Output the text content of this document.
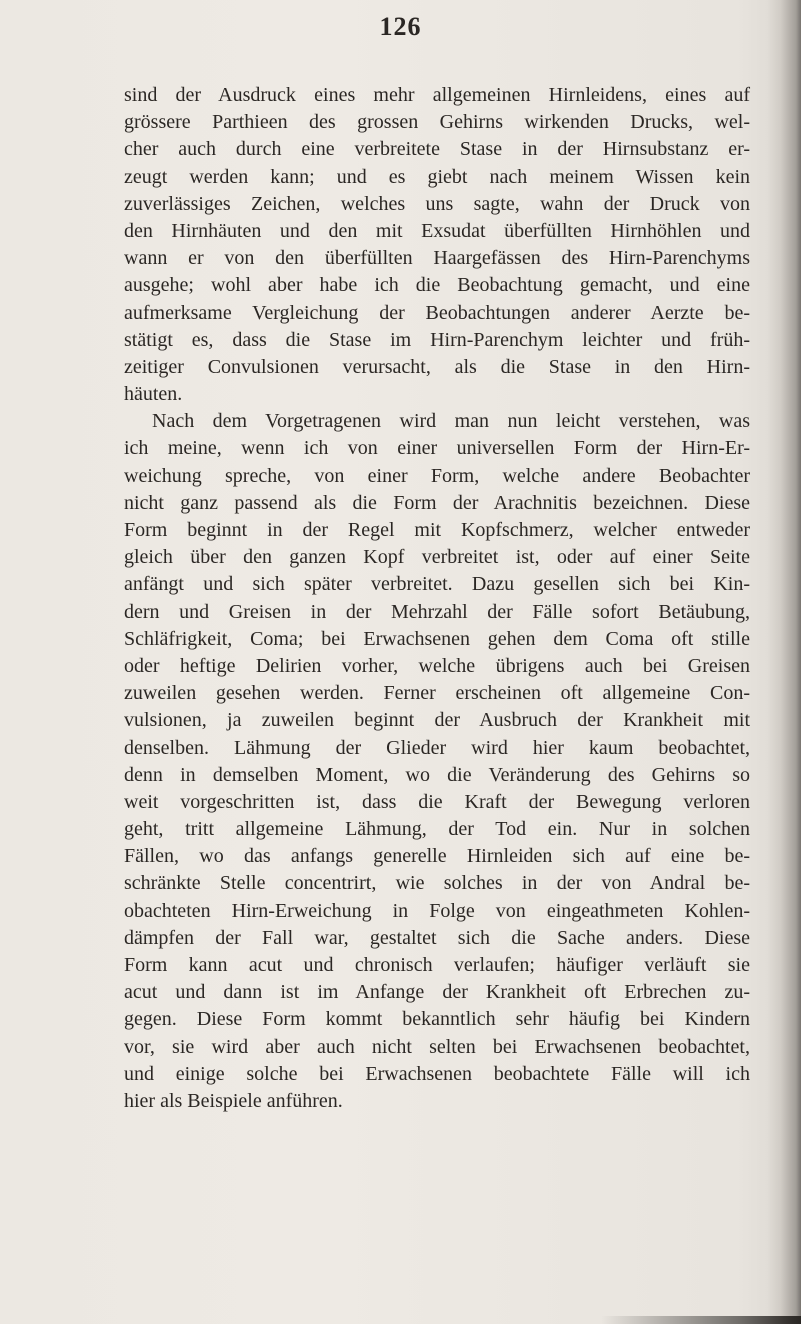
126
sind der Ausdruck eines mehr allgemeinen Hirnleidens, eines auf
grössere Parthieen des grossen Gehirns wirkenden Drucks, wel-
cher auch durch eine verbreitete Stase in der Hirnsubstanz er-
zeugt werden kann; und es giebt nach meinem Wissen kein
zuverlässiges Zeichen, welches uns sagte, wahn der Druck von
den Hirnhäuten und den mit Exsudat überfüllten Hirnhöhlen und
wann er von den überfüllten Haargefässen des Hirn-Parenchyms
ausgehe; wohl aber habe ich die Beobachtung gemacht, und eine
aufmerksame Vergleichung der Beobachtungen anderer Aerzte be-
stätigt es, dass die Stase im Hirn-Parenchym leichter und früh-
zeitiger Convulsionen verursacht, als die Stase in den Hirn-
häuten.
Nach dem Vorgetragenen wird man nun leicht verstehen, was
ich meine, wenn ich von einer universellen Form der Hirn-Er-
weichung spreche, von einer Form, welche andere Beobachter
nicht ganz passend als die Form der Arachnitis bezeichnen. Diese
Form beginnt in der Regel mit Kopfschmerz, welcher entweder
gleich über den ganzen Kopf verbreitet ist, oder auf einer Seite
anfängt und sich später verbreitet. Dazu gesellen sich bei Kin-
dern und Greisen in der Mehrzahl der Fälle sofort Betäubung,
Schläfrigkeit, Coma; bei Erwachsenen gehen dem Coma oft stille
oder heftige Delirien vorher, welche übrigens auch bei Greisen
zuweilen gesehen werden. Ferner erscheinen oft allgemeine Con-
vulsionen, ja zuweilen beginnt der Ausbruch der Krankheit mit
denselben. Lähmung der Glieder wird hier kaum beobachtet,
denn in demselben Moment, wo die Veränderung des Gehirns so
weit vorgeschritten ist, dass die Kraft der Bewegung verloren
geht, tritt allgemeine Lähmung, der Tod ein. Nur in solchen
Fällen, wo das anfangs generelle Hirnleiden sich auf eine be-
schränkte Stelle concentrirt, wie solches in der von Andral be-
obachteten Hirn-Erweichung in Folge von eingeathmeten Kohlen-
dämpfen der Fall war, gestaltet sich die Sache anders. Diese
Form kann acut und chronisch verlaufen; häufiger verläuft sie
acut und dann ist im Anfange der Krankheit oft Erbrechen zu-
gegen. Diese Form kommt bekanntlich sehr häufig bei Kindern
vor, sie wird aber auch nicht selten bei Erwachsenen beobachtet,
und einige solche bei Erwachsenen beobachtete Fälle will ich
hier als Beispiele anführen.
